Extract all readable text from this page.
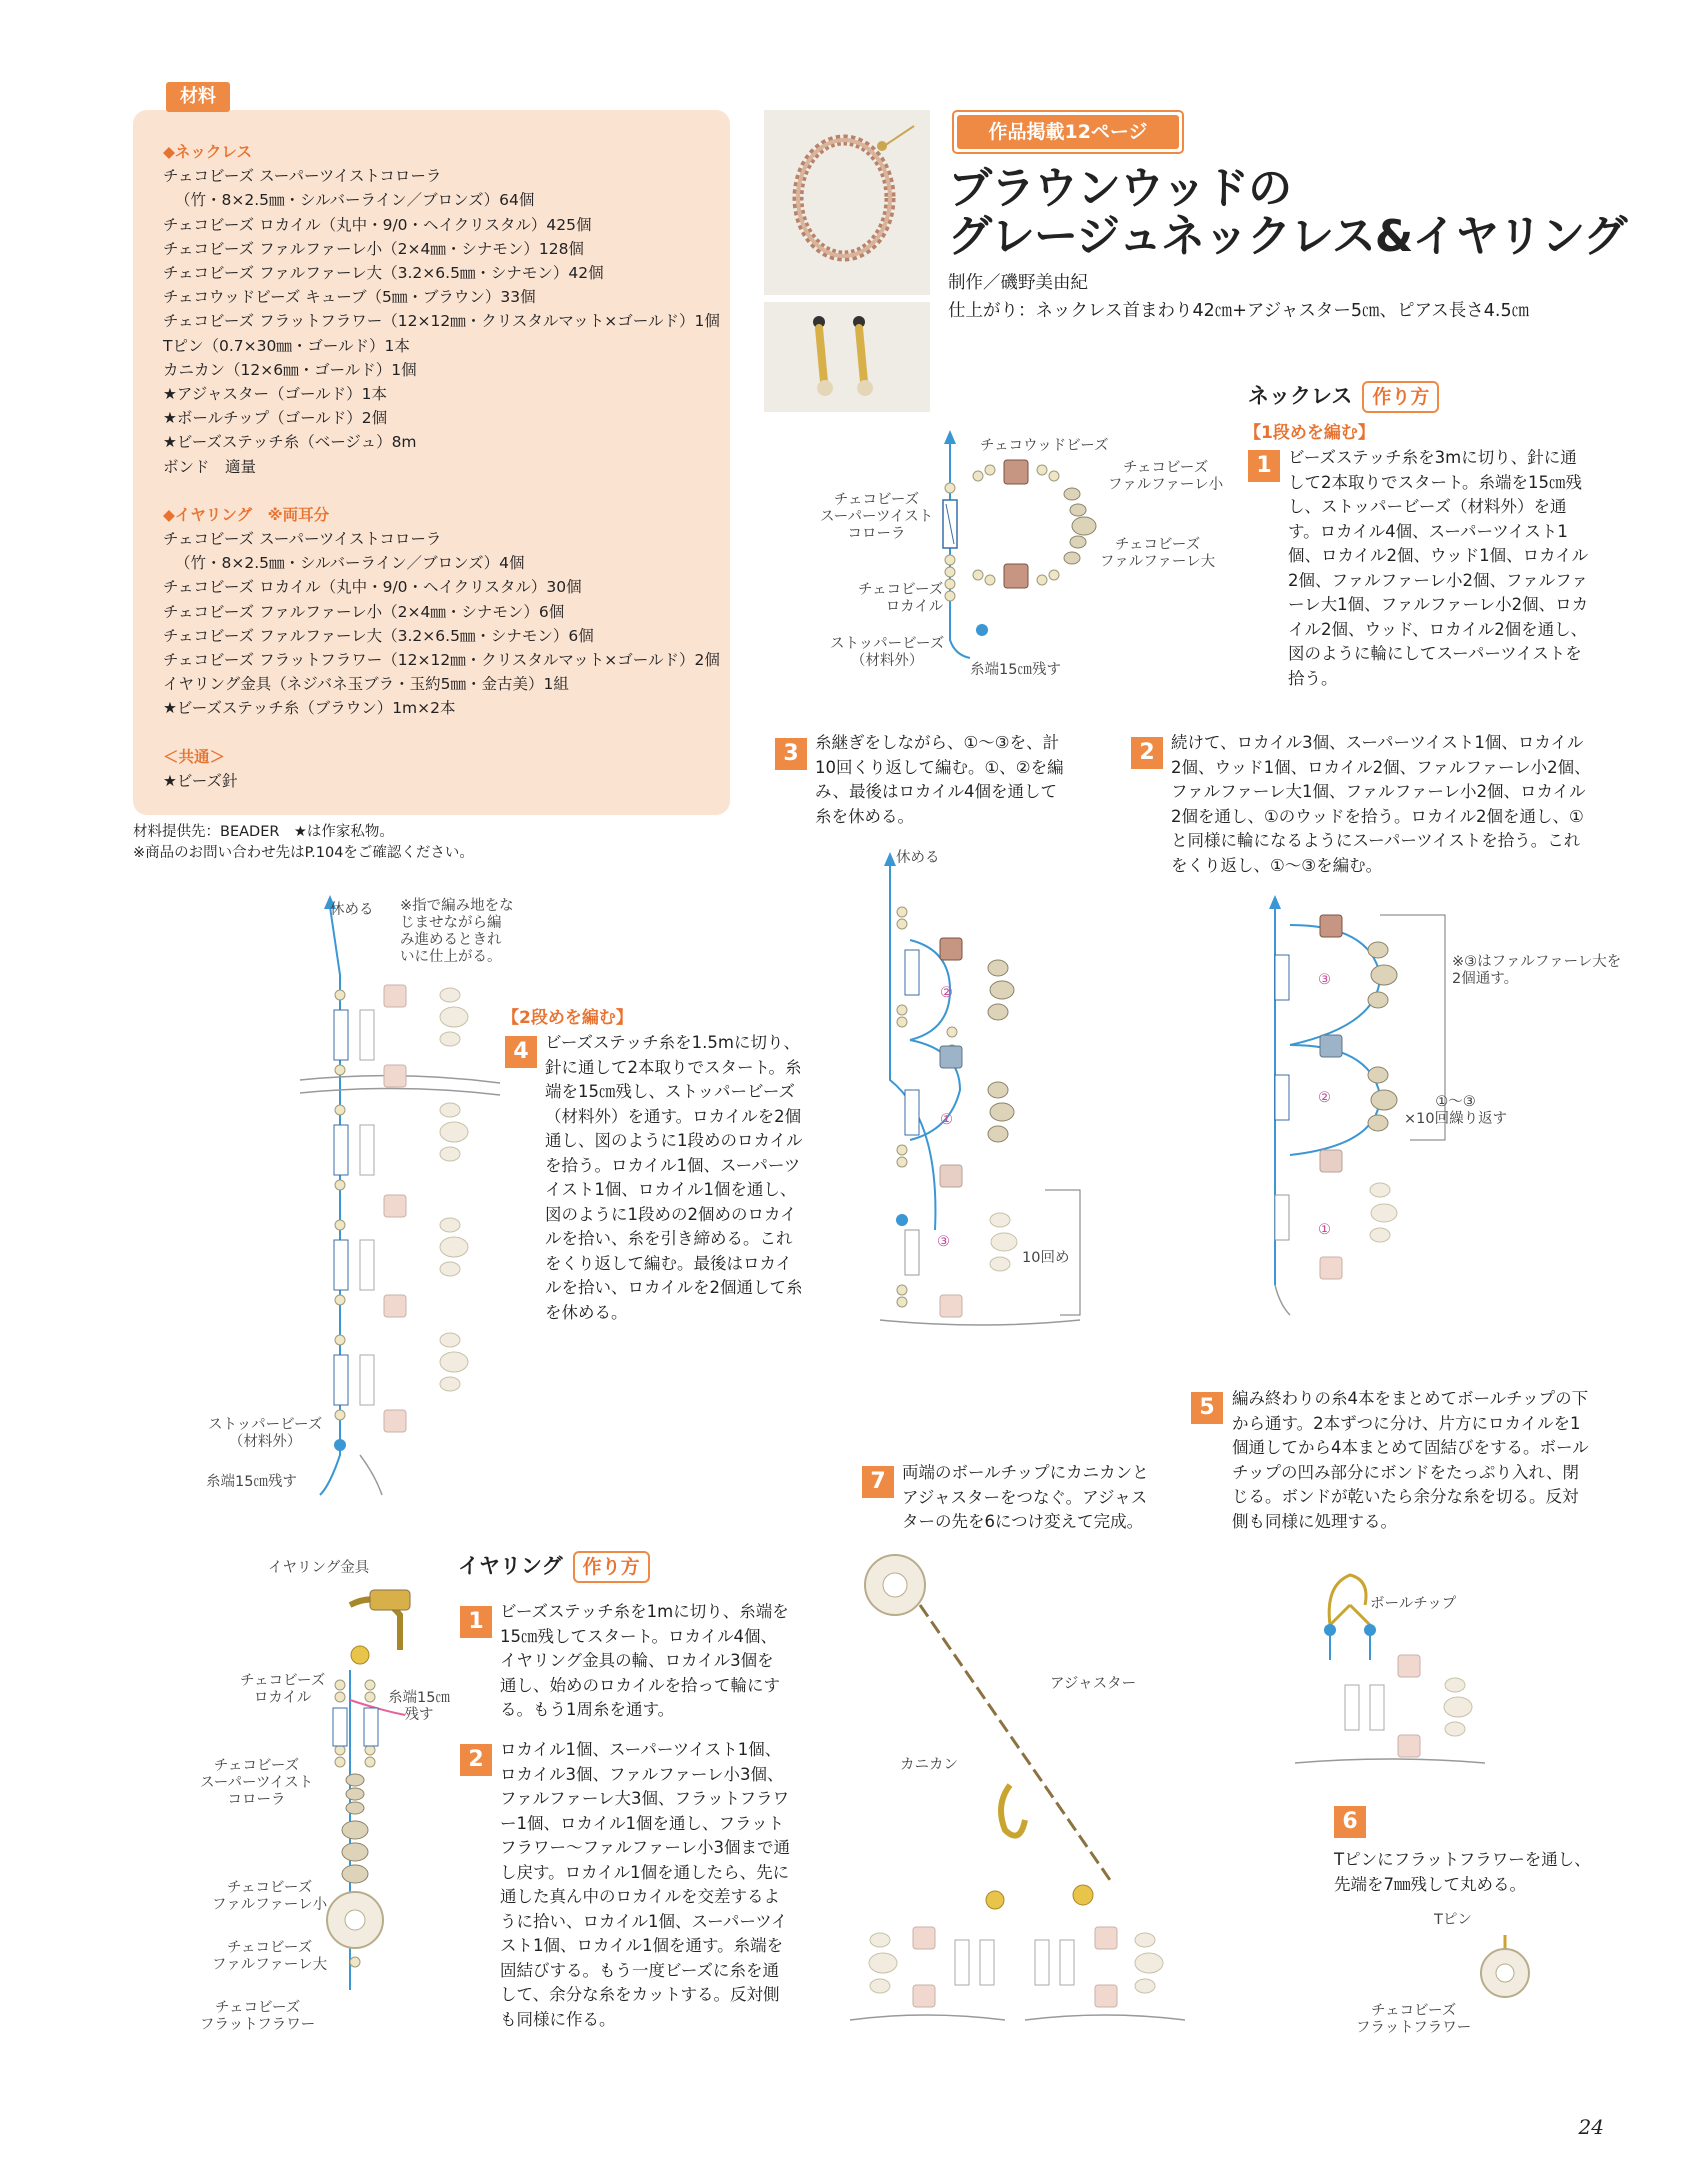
材料
◆ネックレス
チェコビーズ スーパーツイストコローラ
（竹・8×2.5㎜・シルバーライン／ブロンズ）64個
チェコビーズ ロカイル（丸中・9/0・ヘイクリスタル）425個
チェコビーズ ファルファーレ小（2×4㎜・シナモン）128個
チェコビーズ ファルファーレ大（3.2×6.5㎜・シナモン）42個
チェコウッドビーズ キューブ（5㎜・ブラウン）33個
チェコビーズ フラットフラワー（12×12㎜・クリスタルマット×ゴールド）1個
Tピン（0.7×30㎜・ゴールド）1本
カニカン（12×6㎜・ゴールド）1個
★アジャスター（ゴールド）1本
★ボールチップ（ゴールド）2個
★ビーズステッチ糸（ベージュ）8m
ボンド　適量
◆イヤリング　※両耳分
チェコビーズ スーパーツイストコローラ
（竹・8×2.5㎜・シルバーライン／ブロンズ）4個
チェコビーズ ロカイル（丸中・9/0・ヘイクリスタル）30個
チェコビーズ ファルファーレ小（2×4㎜・シナモン）6個
チェコビーズ ファルファーレ大（3.2×6.5㎜・シナモン）6個
チェコビーズ フラットフラワー（12×12㎜・クリスタルマット×ゴールド）2個
イヤリング金具（ネジバネ玉ブラ・玉約5㎜・金古美）1組
★ビーズステッチ糸（ブラウン）1m×2本
＜共通＞
★ビーズ針
材料提供先：BEADER　★は作家私物。
※商品のお問い合わせ先はP.104をご確認ください。
作品掲載12ページ
ブラウンウッドの
グレージュネックレス&イヤリング
制作／磯野美由紀
仕上がり：ネックレス首まわり42㎝+アジャスター5㎝、ピアス長さ4.5㎝
ネックレス 作り方
【1段めを編む】
1 ビーズステッチ糸を3mに切り、針に通して2本取りでスタート。糸端を15㎝残し、ストッパービーズ（材料外）を通す。ロカイル4個、スーパーツイスト1個、ロカイル2個、ウッド1個、ロカイル2個、ファルファーレ小2個、ファルファーレ大1個、ファルファーレ小2個、ロカイル2個、ウッド、ロカイル2個を通し、図のように輪にしてスーパーツイストを拾う。
2 続けて、ロカイル3個、スーパーツイスト1個、ロカイル2個、ウッド1個、ロカイル2個、ファルファーレ小2個、ファルファーレ大1個、ファルファーレ小2個、ロカイル2個を通し、①のウッドを拾う。ロカイル2個を通し、①と同様に輪になるようにスーパーツイストを拾う。これをくり返し、①〜③を編む。
3 糸継ぎをしながら、①〜③を、計10回くり返して編む。①、②を編み、最後はロカイル4個を通して糸を休める。
【2段めを編む】
4 ビーズステッチ糸を1.5mに切り、針に通して2本取りでスタート。糸端を15㎝残し、ストッパービーズ（材料外）を通す。ロカイルを2個通し、図のように1段めのロカイルを拾う。ロカイル1個、スーパーツイスト1個、ロカイル1個を通し、図のように1段めの2個めのロカイルを拾い、糸を引き締める。これをくり返して編む。最後はロカイルを拾い、ロカイルを2個通して糸を休める。
5	編み終わりの糸4本をまとめてボールチップの下から通す。2本ずつに分け、片方にロカイルを1個通してから4本まとめて固結びをする。ボールチップの凹み部分にボンドをたっぷり入れ、閉じる。ボンドが乾いたら余分な糸を切る。反対側も同様に処理する。
6
Tピンにフラットフラワーを通し、先端を7㎜残して丸める。
7 両端のボールチップにカニカンとアジャスターをつなぐ。アジャスターの先を6につけ変えて完成。
チェコウッドビーズ
チェコビーズ
ファルファーレ小
チェコビーズ
ファルファーレ大
チェコビーズ
スーパーツイスト
コローラ
チェコビーズ
ロカイル
ストッパービーズ
（材料外）
糸端15㎝残す
休める
②
①
③
10回め
③
②
①
※③はファルファーレ大を
2個通す。
①〜③
×10回繰り返す
休める ※指で編み地をな
じませながら編
み進めるときれ
いに仕上がる。
ストッパービーズ
（材料外）
糸端15㎝残す
ボールチップ
アジャスター
カニカン
Tピン
チェコビーズ
フラットフラワー
イヤリング 作り方
1 ビーズステッチ糸を1mに切り、糸端を15㎝残してスタート。ロカイル4個、イヤリング金具の輪、ロカイル3個を通し、始めのロカイルを拾って輪にする。もう1周糸を通す。
2 ロカイル1個、スーパーツイスト1個、ロカイル3個、ファルファーレ小3個、ファルファーレ大3個、フラットフラワー1個、ロカイル1個を通し、フラットフラワー〜ファルファーレ小3個まで通し戻す。ロカイル1個を通したら、先に通した真ん中のロカイルを交差するように拾い、ロカイル1個、スーパーツイスト1個、ロカイル1個を通す。糸端を固結びする。もう一度ビーズに糸を通して、余分な糸をカットする。反対側も同様に作る。
イヤリング金具
チェコビーズ
ロカイル	糸端15㎝
残す
チェコビーズ
スーパーツイスト
コローラ
チェコビーズ
ファルファーレ小
チェコビーズ
ファルファーレ大
チェコビーズ
フラットフラワー
24
